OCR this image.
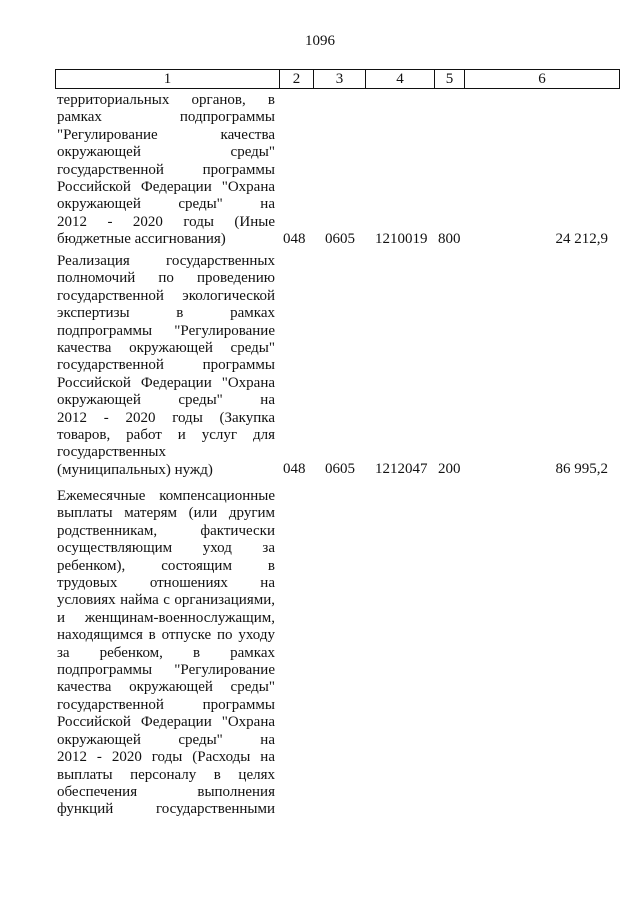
1096
1	2	3	4	5	6
территориальных органов, в
рамках подпрограммы
"Регулирование качества
окружающей среды"
государственной программы
Российской Федерации "Охрана
окружающей среды" на
2012 - 2020 годы (Иные
бюджетные ассигнования)	048 0605 1210019 800	24 212,9
Реализация государственных
полномочий по проведению
государственной экологической
экспертизы в рамках
подпрограммы "Регулирование
качества окружающей среды"
государственной программы
Российской Федерации "Охрана
окружающей среды" на
2012 - 2020 годы (Закупка
товаров, работ и услуг для
государственных
(муниципальных) нужд)	048 0605 1212047 200	86 995,2
Ежемесячные компенсационные
выплаты матерям (или другим
родственникам, фактически
осуществляющим уход за
ребенком), состоящим в
трудовых отношениях на
условиях найма с организациями,
и женщинам-военнослужащим,
находящимся в отпуске по уходу
за ребенком, в рамках
подпрограммы "Регулирование
качества окружающей среды"
государственной программы
Российской Федерации "Охрана
окружающей среды" на
2012 - 2020 годы (Расходы на
выплаты персоналу в целях
обеспечения выполнения
функций государственными
